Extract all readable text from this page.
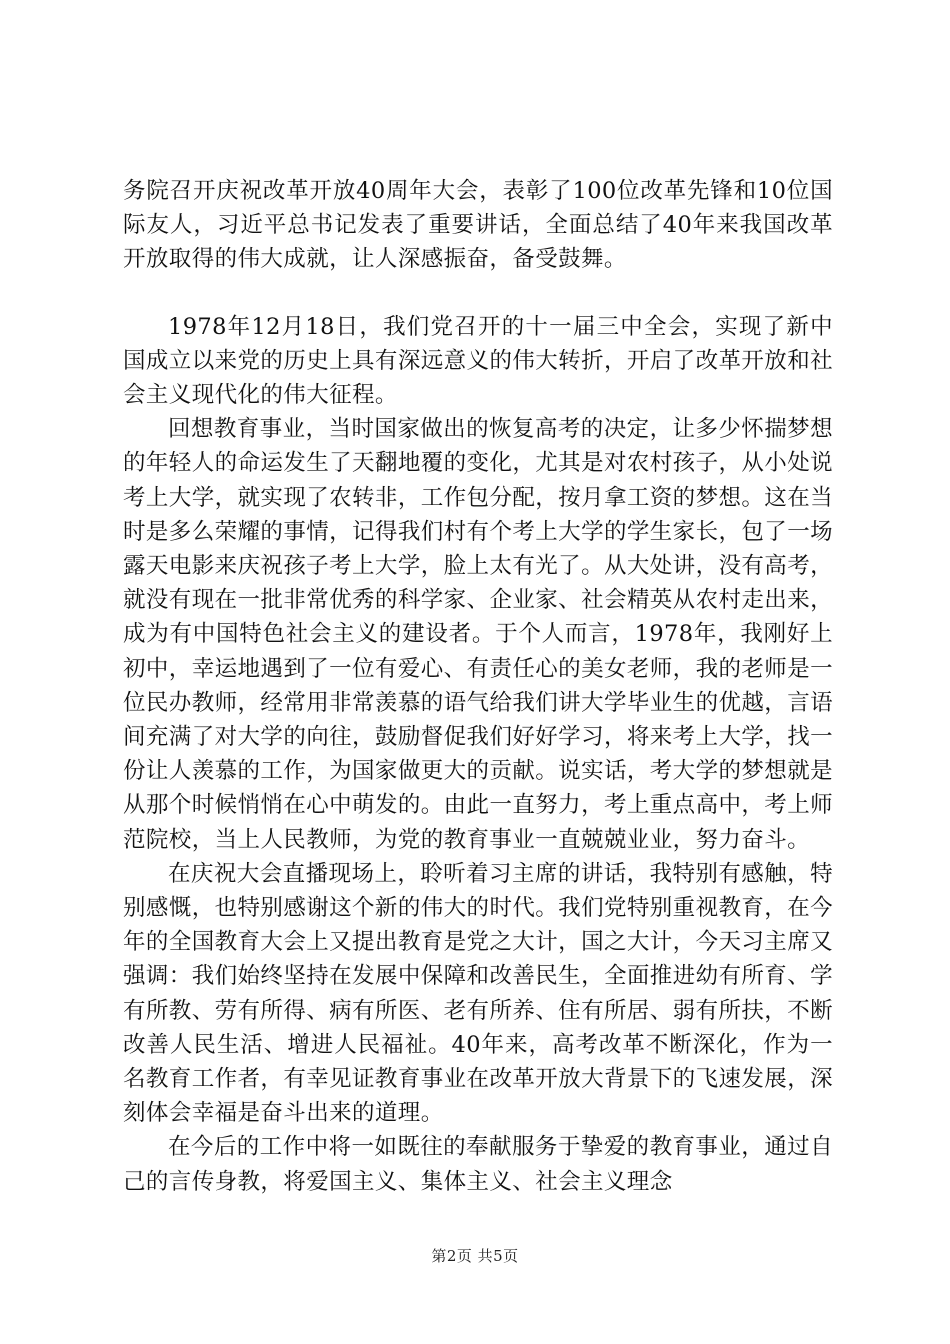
务院召开庆祝改革开放40周年大会，表彰了100位改革先锋和10位国际友人，习近平总书记发表了重要讲话，全面总结了40年来我国改革开放取得的伟大成就，让人深感振奋，备受鼓舞。

1978年12月18日，我们党召开的十一届三中全会，实现了新中国成立以来党的历史上具有深远意义的伟大转折，开启了改革开放和社会主义现代化的伟大征程。

回想教育事业，当时国家做出的恢复高考的决定，让多少怀揣梦想的年轻人的命运发生了天翻地覆的变化，尤其是对农村孩子，从小处说考上大学，就实现了农转非，工作包分配，按月拿工资的梦想。这在当时是多么荣耀的事情，记得我们村有个考上大学的学生家长，包了一场露天电影来庆祝孩子考上大学，脸上太有光了。从大处讲，没有高考，就没有现在一批非常优秀的科学家、企业家、社会精英从农村走出来，成为有中国特色社会主义的建设者。于个人而言，1978年，我刚好上初中，幸运地遇到了一位有爱心、有责任心的美女老师，我的老师是一位民办教师，经常用非常羡慕的语气给我们讲大学毕业生的优越，言语间充满了对大学的向往，鼓励督促我们好好学习，将来考上大学，找一份让人羡慕的工作，为国家做更大的贡献。说实话，考大学的梦想就是从那个时候悄悄在心中萌发的。由此一直努力，考上重点高中，考上师范院校，当上人民教师，为党的教育事业一直兢兢业业，努力奋斗。

在庆祝大会直播现场上，聆听着习主席的讲话，我特别有感触，特别感慨，也特别感谢这个新的伟大的时代。我们党特别重视教育，在今年的全国教育大会上又提出教育是党之大计，国之大计，今天习主席又强调：我们始终坚持在发展中保障和改善民生，全面推进幼有所育、学有所教、劳有所得、病有所医、老有所养、住有所居、弱有所扶，不断改善人民生活、增进人民福祉。40年来，高考改革不断深化，作为一名教育工作者，有幸见证教育事业在改革开放大背景下的飞速发展，深刻体会幸福是奋斗出来的道理。

在今后的工作中将一如既往的奉献服务于挚爱的教育事业，通过自己的言传身教，将爱国主义、集体主义、社会主义理念

第2页 共5页
